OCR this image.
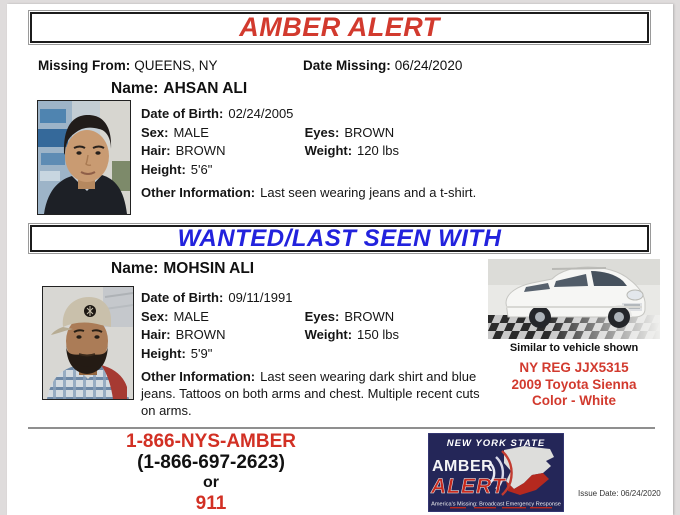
AMBER ALERT
Missing From: QUEENS, NY	Date Missing: 06/24/2020
Name: AHSAN ALI
Date of Birth: 02/24/2005
Sex: MALE	Eyes: BROWN
Hair: BROWN	Weight: 120 lbs
Height: 5'6"

Other Information: Last seen wearing jeans and a t-shirt.

WANTED/LAST SEEN WITH
Name: MOHSIN ALI
Date of Birth: 09/11/1991
Sex: MALE	Eyes: BROWN
Hair: BROWN	Weight: 150 lbs
Height: 5'9"

Other Information: Last seen wearing dark shirt and blue jeans. Tattoos on both arms and chest. Multiple recent cuts on arms.

Similar to vehicle shown
NY REG JJX5315
2009 Toyota Sienna
Color - White
1-866-NYS-AMBER
(1-866-697-2623)
or
911
NEW YORK STATE
AMBER
ALERT
America's Missing: Broadcast Emergency Response
Issue Date: 06/24/2020
